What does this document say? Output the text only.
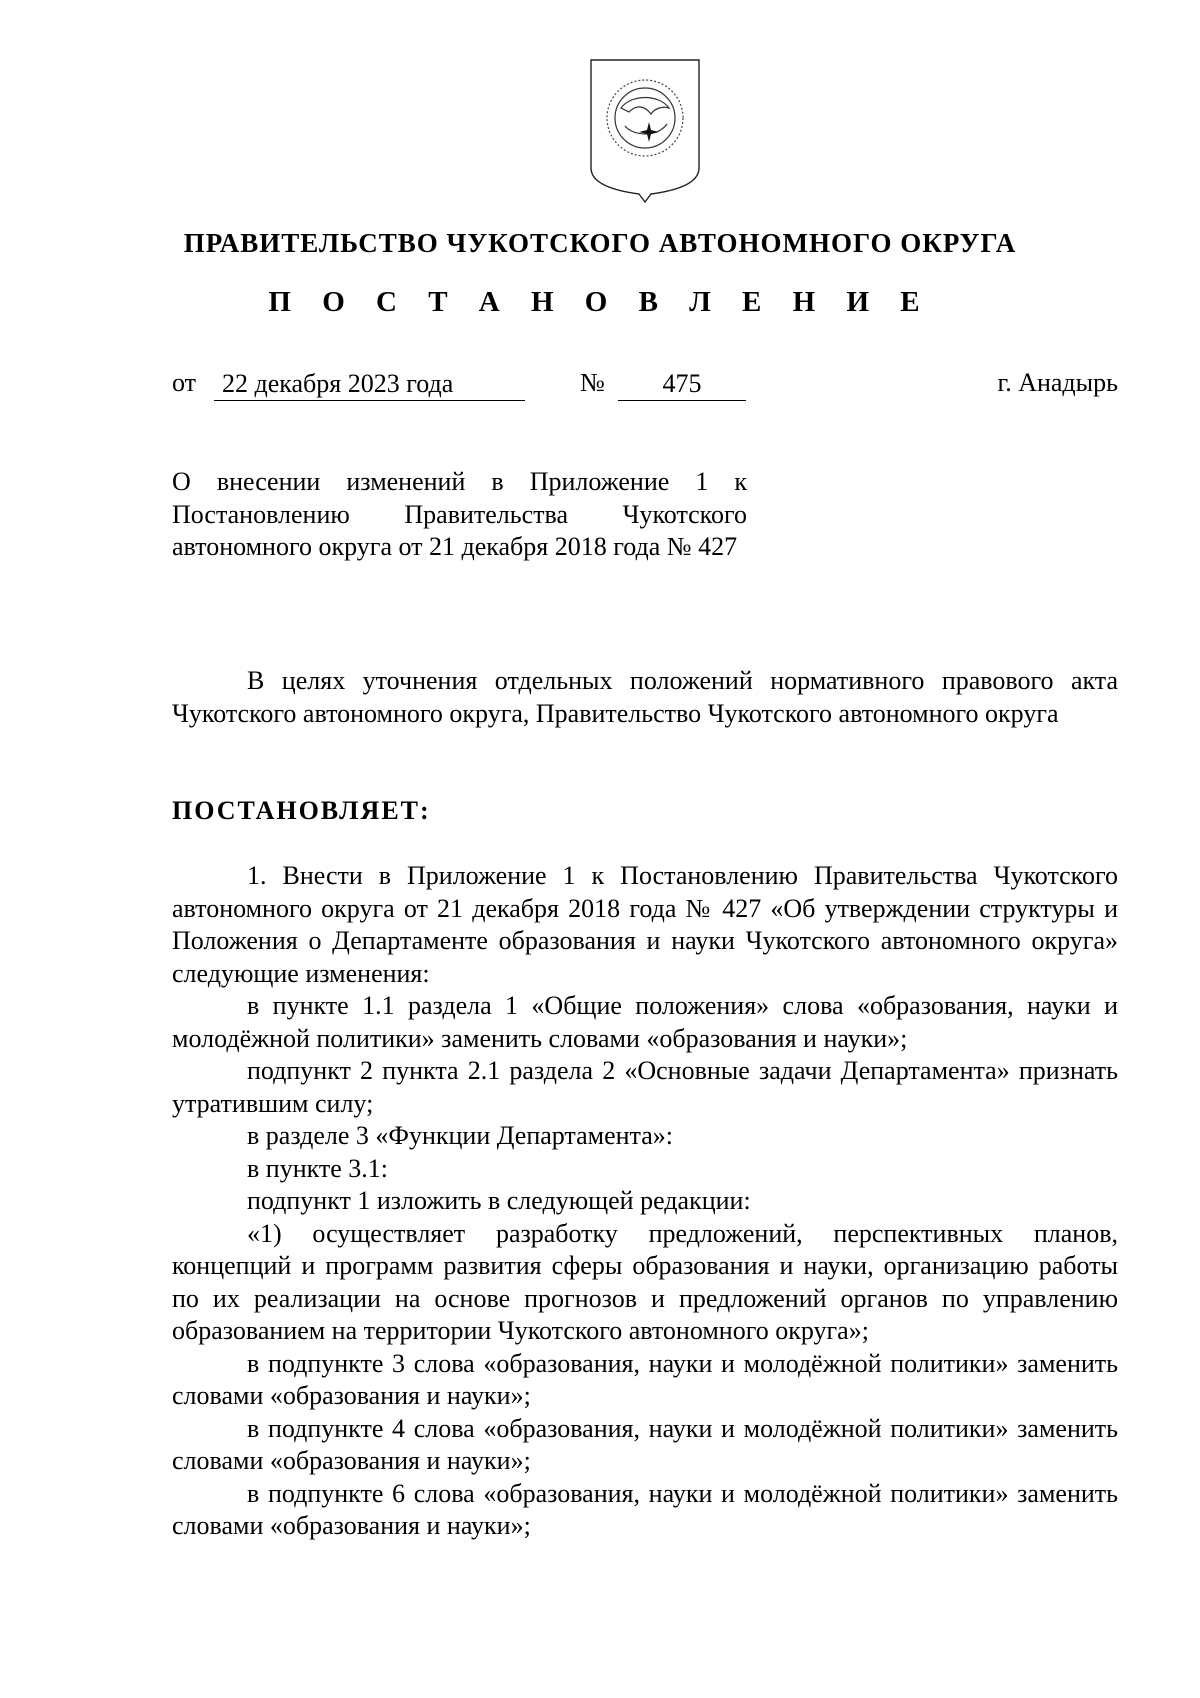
ПРАВИТЕЛЬСТВО ЧУКОТСКОГО АВТОНОМНОГО ОКРУГА
П О С Т А Н О В Л Е Н И Е
от 22 декабря 2023 года	№	475	г. Анадырь
О внесении изменений в Приложение 1 к Постановлению Правительства Чукотского автономного округа от 21 декабря 2018 года № 427

В целях уточнения отдельных положений нормативного правового акта Чукотского автономного округа, Правительство Чукотского автономного округа

ПОСТАНОВЛЯЕТ:

1. Внести в Приложение 1 к Постановлению Правительства Чукотского автономного округа от 21 декабря 2018 года № 427 «Об утверждении структуры и Положения о Департаменте образования и науки Чукотского автономного округа» следующие изменения:

в пункте 1.1 раздела 1 «Общие положения» слова «образования, науки и молодёжной политики» заменить словами «образования и науки»;

подпункт 2 пункта 2.1 раздела 2 «Основные задачи Департамента» признать утратившим силу;

в разделе 3 «Функции Департамента»:

в пункте 3.1:

подпункт 1 изложить в следующей редакции:

«1) осуществляет разработку предложений, перспективных планов, концепций и программ развития сферы образования и науки, организацию работы по их реализации на основе прогнозов и предложений органов по управлению образованием на территории Чукотского автономного округа»;

в подпункте 3 слова «образования, науки и молодёжной политики» заменить словами «образования и науки»;

в подпункте 4 слова «образования, науки и молодёжной политики» заменить словами «образования и науки»;

в подпункте 6 слова «образования, науки и молодёжной политики» заменить словами «образования и науки»;
